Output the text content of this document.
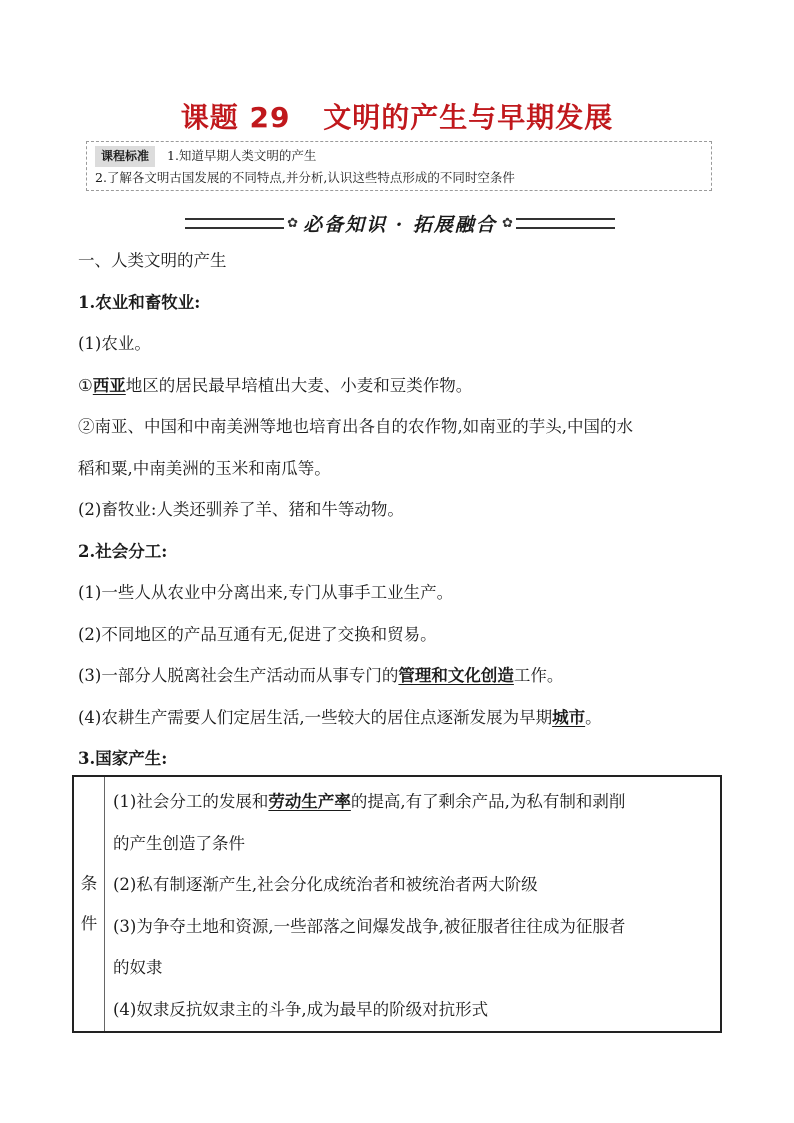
课题 29 文明的产生与早期发展
课程标准 1.知道早期人类文明的产生
2.了解各文明古国发展的不同特点,并分析,认识这些特点形成的不同时空条件
✿ 必备知识 · 拓展融合 ✿
一、人类文明的产生
1.农业和畜牧业:
(1)农业。
①西亚地区的居民最早培植出大麦、小麦和豆类作物。
②南亚、中国和中南美洲等地也培育出各自的农作物,如南亚的芋头,中国的水
稻和粟,中南美洲的玉米和南瓜等。
(2)畜牧业:人类还驯养了羊、猪和牛等动物。
2.社会分工:
(1)一些人从农业中分离出来,专门从事手工业生产。
(2)不同地区的产品互通有无,促进了交换和贸易。
(3)一部分人脱离社会生产活动而从事专门的管理和文化创造工作。
(4)农耕生产需要人们定居生活,一些较大的居住点逐渐发展为早期城市。
3.国家产生:
条
件

(1)社会分工的发展和劳动生产率的提高,有了剩余产品,为私有制和剥削
的产生创造了条件
(2)私有制逐渐产生,社会分化成统治者和被统治者两大阶级
(3)为争夺土地和资源,一些部落之间爆发战争,被征服者往往成为征服者
的奴隶
(4)奴隶反抗奴隶主的斗争,成为最早的阶级对抗形式
